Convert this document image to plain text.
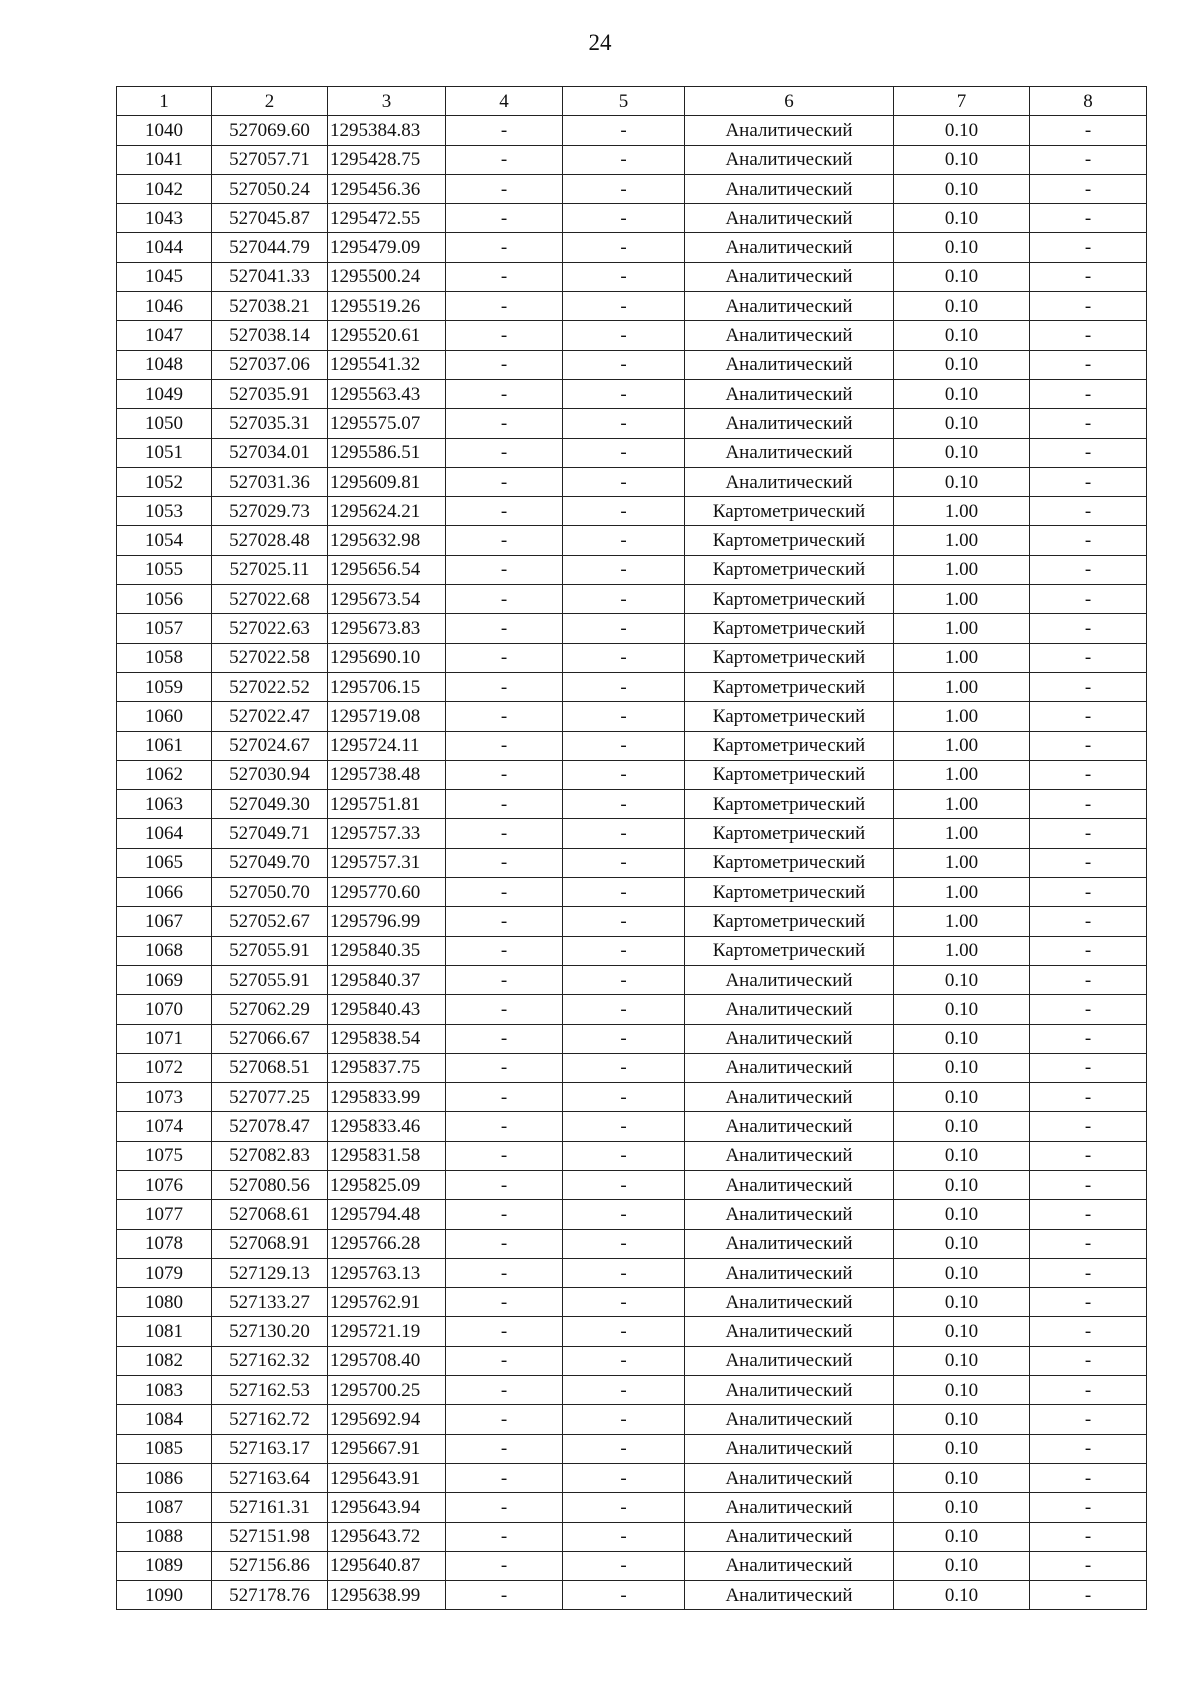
24
1	2	3	4	5	6	7	8
1040	527069.60	1295384.83	-	-	Аналитический	0.10	-
1041	527057.71	1295428.75	-	-	Аналитический	0.10	-
1042	527050.24	1295456.36	-	-	Аналитический	0.10	-
1043	527045.87	1295472.55	-	-	Аналитический	0.10	-
1044	527044.79	1295479.09	-	-	Аналитический	0.10	-
1045	527041.33	1295500.24	-	-	Аналитический	0.10	-
1046	527038.21	1295519.26	-	-	Аналитический	0.10	-
1047	527038.14	1295520.61	-	-	Аналитический	0.10	-
1048	527037.06	1295541.32	-	-	Аналитический	0.10	-
1049	527035.91	1295563.43	-	-	Аналитический	0.10	-
1050	527035.31	1295575.07	-	-	Аналитический	0.10	-
1051	527034.01	1295586.51	-	-	Аналитический	0.10	-
1052	527031.36	1295609.81	-	-	Аналитический	0.10	-
1053	527029.73	1295624.21	-	-	Картометрический	1.00	-
1054	527028.48	1295632.98	-	-	Картометрический	1.00	-
1055	527025.11	1295656.54	-	-	Картометрический	1.00	-
1056	527022.68	1295673.54	-	-	Картометрический	1.00	-
1057	527022.63	1295673.83	-	-	Картометрический	1.00	-
1058	527022.58	1295690.10	-	-	Картометрический	1.00	-
1059	527022.52	1295706.15	-	-	Картометрический	1.00	-
1060	527022.47	1295719.08	-	-	Картометрический	1.00	-
1061	527024.67	1295724.11	-	-	Картометрический	1.00	-
1062	527030.94	1295738.48	-	-	Картометрический	1.00	-
1063	527049.30	1295751.81	-	-	Картометрический	1.00	-
1064	527049.71	1295757.33	-	-	Картометрический	1.00	-
1065	527049.70	1295757.31	-	-	Картометрический	1.00	-
1066	527050.70	1295770.60	-	-	Картометрический	1.00	-
1067	527052.67	1295796.99	-	-	Картометрический	1.00	-
1068	527055.91	1295840.35	-	-	Картометрический	1.00	-
1069	527055.91	1295840.37	-	-	Аналитический	0.10	-
1070	527062.29	1295840.43	-	-	Аналитический	0.10	-
1071	527066.67	1295838.54	-	-	Аналитический	0.10	-
1072	527068.51	1295837.75	-	-	Аналитический	0.10	-
1073	527077.25	1295833.99	-	-	Аналитический	0.10	-
1074	527078.47	1295833.46	-	-	Аналитический	0.10	-
1075	527082.83	1295831.58	-	-	Аналитический	0.10	-
1076	527080.56	1295825.09	-	-	Аналитический	0.10	-
1077	527068.61	1295794.48	-	-	Аналитический	0.10	-
1078	527068.91	1295766.28	-	-	Аналитический	0.10	-
1079	527129.13	1295763.13	-	-	Аналитический	0.10	-
1080	527133.27	1295762.91	-	-	Аналитический	0.10	-
1081	527130.20	1295721.19	-	-	Аналитический	0.10	-
1082	527162.32	1295708.40	-	-	Аналитический	0.10	-
1083	527162.53	1295700.25	-	-	Аналитический	0.10	-
1084	527162.72	1295692.94	-	-	Аналитический	0.10	-
1085	527163.17	1295667.91	-	-	Аналитический	0.10	-
1086	527163.64	1295643.91	-	-	Аналитический	0.10	-
1087	527161.31	1295643.94	-	-	Аналитический	0.10	-
1088	527151.98	1295643.72	-	-	Аналитический	0.10	-
1089	527156.86	1295640.87	-	-	Аналитический	0.10	-
1090	527178.76	1295638.99	-	-	Аналитический	0.10	-
